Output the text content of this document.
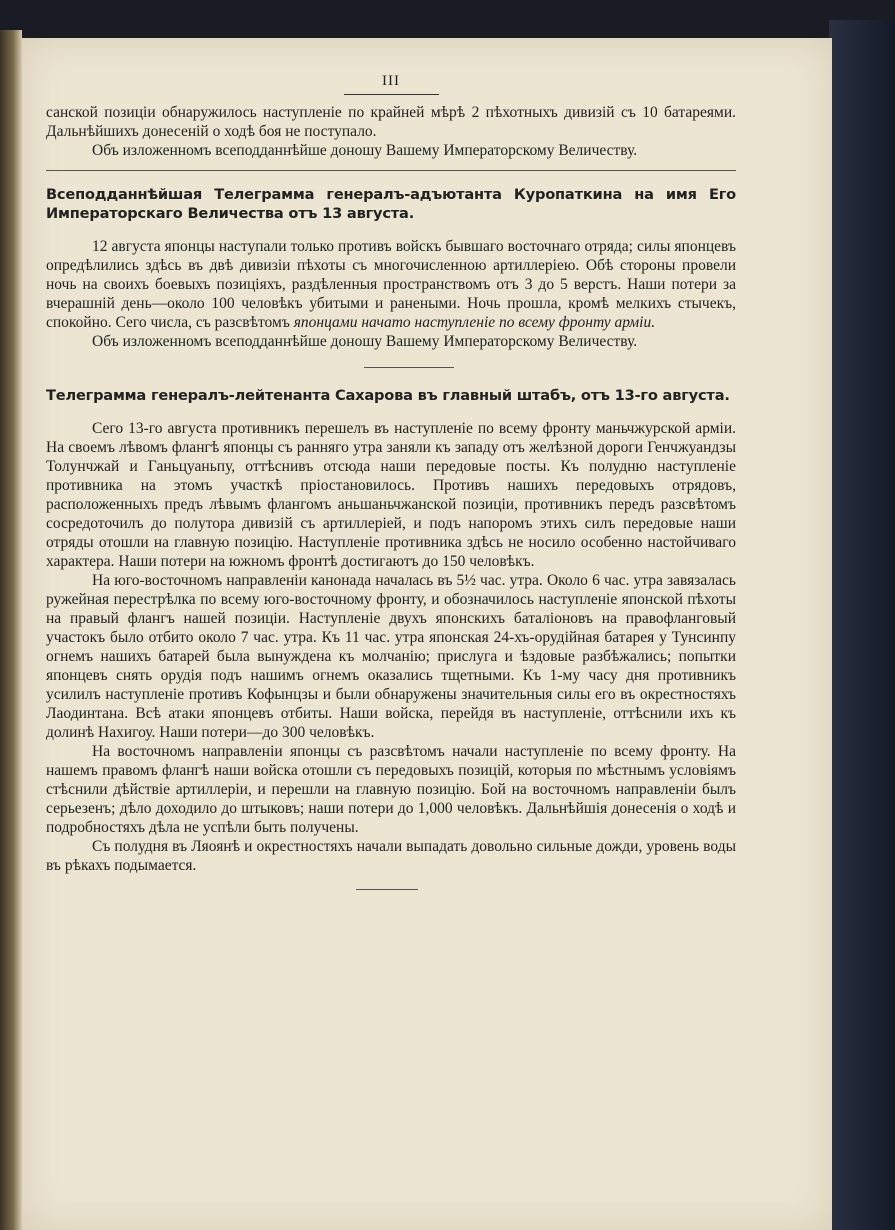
III

санской позиціи обнаружилось наступленіе по крайней мѣрѣ 2 пѣхотныхъ дивизій съ 10 батареями. Дальнѣйшихъ донесеній о ходѣ боя не поступало.

Объ изложенномъ всеподданнѣйше доношу Вашему Императорскому Величеству.

Всеподданнѣйшая Телеграмма генералъ-адъютанта Куропаткина на имя Его Императорскаго Величества отъ 13 августа.

12 августа японцы наступали только противъ войскъ бывшаго восточнаго отряда; силы японцевъ опредѣлились здѣсь въ двѣ дивизіи пѣхоты съ многочисленною артиллеріею. Обѣ стороны провели ночь на своихъ боевыхъ позиціяхъ, раздѣленныя пространствомъ отъ 3 до 5 верстъ. Наши потери за вчерашній день—около 100 человѣкъ убитыми и ранеными. Ночь прошла, кромѣ мелкихъ стычекъ, спокойно. Сего числа, съ разсвѣтомъ японцами начато наступленіе по всему фронту арміи.

Объ изложенномъ всеподданнѣйше доношу Вашему Императорскому Величеству.

Телеграмма генералъ-лейтенанта Сахарова въ главный штабъ, отъ 13-го августа.

Сего 13-го августа противникъ перешелъ въ наступленіе по всему фронту маньчжурской арміи. На своемъ лѣвомъ флангѣ японцы съ ранняго утра заняли къ западу отъ желѣзной дороги Генчжуандзы Толунчжай и Ганьцуаньпу, оттѣснивъ отсюда наши передовые посты. Къ полудню наступленіе противника на этомъ участкѣ пріостановилось. Противъ нашихъ передовыхъ отрядовъ, расположенныхъ предъ лѣвымъ флангомъ аньшаньчжанской позиціи, противникъ передъ разсвѣтомъ сосредоточилъ до полутора дивизій съ артиллеріей, и подъ напоромъ этихъ силъ передовые наши отряды отошли на главную позицію. Наступленіе противника здѣсь не носило особенно настойчиваго характера. Наши потери на южномъ фронтѣ достигаютъ до 150 человѣкъ.

На юго-восточномъ направленіи канонада началась въ 5½ час. утра. Около 6 час. утра завязалась ружейная перестрѣлка по всему юго-восточному фронту, и обозначилось наступленіе японской пѣхоты на правый флангъ нашей позиціи. Наступленіе двухъ японскихъ баталіоновъ на правофланговый участокъ было отбито около 7 час. утра. Къ 11 час. утра японская 24-хъ-орудійная батарея у Тунсинпу огнемъ нашихъ батарей была вынуждена къ молчанію; прислуга и ѣздовые разбѣжались; попытки японцевъ снять орудія подъ нашимъ огнемъ оказались тщетными. Къ 1-му часу дня противникъ усилилъ наступленіе противъ Кофынцзы и были обнаружены значительныя силы его въ окрестностяхъ Лаодинтана. Всѣ атаки японцевъ отбиты. Наши войска, перейдя въ наступленіе, оттѣснили ихъ къ долинѣ Нахигоу. Наши потери—до 300 человѣкъ.

На восточномъ направленіи японцы съ разсвѣтомъ начали наступленіе по всему фронту. На нашемъ правомъ флангѣ наши войска отошли съ передовыхъ позицій, которыя по мѣстнымъ условіямъ стѣснили дѣйствіе артиллеріи, и перешли на главную позицію. Бой на восточномъ направленіи былъ серьезенъ; дѣло доходило до штыковъ; наши потери до 1,000 человѣкъ. Дальнѣйшія донесенія о ходѣ и подробностяхъ дѣла не успѣли быть получены.

Съ полудня въ Ляоянѣ и окрестностяхъ начали выпадать довольно сильные дожди, уровень воды въ рѣкахъ подымается.
